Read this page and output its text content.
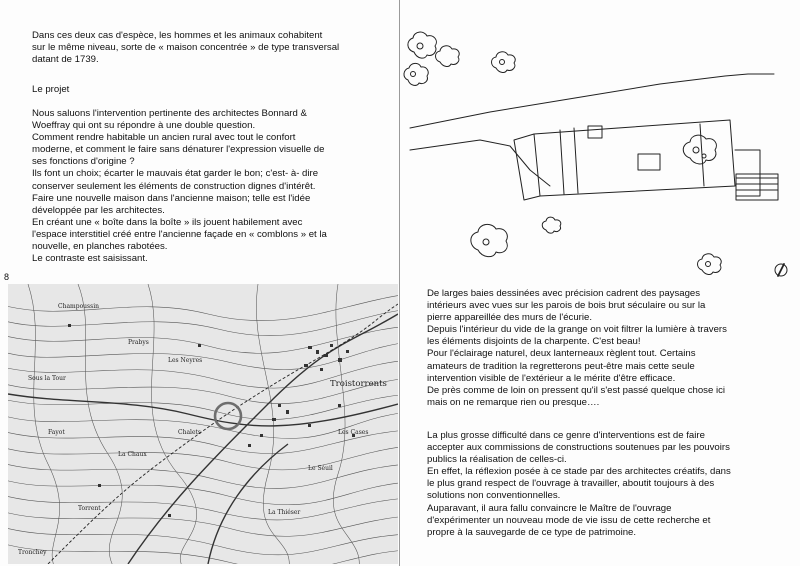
Dans ces deux cas d'espèce, les hommes et les animaux cohabitent

sur le même niveau, sorte de « maison concentrée » de type transversal

datant de 1739.

Le projet

Nous saluons l'intervention pertinente des architectes Bonnard &

Woeffray qui ont su répondre à une double question.

Comment rendre habitable un ancien rural avec tout le confort

moderne, et comment le faire sans dénaturer l'expression visuelle de

ses fonctions d'origine ?

Ils font un choix; écarter le mauvais état garder le bon; c'est- à- dire

conserver seulement les éléments de construction dignes d'intérêt.

Faire une nouvelle maison dans l'ancienne maison; telle est l'idée

développée par les architectes.

En créant une « boîte dans la boîte » ils jouent habilement avec

l'espace interstitiel créé entre l'ancienne façade en « comblons » et la

nouvelle, en planches rabotées.

Le contraste est saisissant.

8
Champoussin
Troistorrents
Tronchey
La Chaux
Les Neyres
Sous la Tour
Prabys
Les Cases
Le Séuil
Fayot
La Thiéser
Chalets
Torrent

De larges baies dessinées avec précision cadrent des paysages

intérieurs avec vues sur les parois de bois brut séculaire ou sur la

pierre appareillée des murs de l'écurie.

Depuis l'intérieur du vide de la grange on voit filtrer la lumière à travers

les éléments disjoints de la charpente. C'est beau!

Pour l'éclairage naturel, deux lanterneaux règlent tout. Certains

amateurs de tradition la regretterons peut-être mais cette seule

intervention visible de l'extérieur a le mérite d'être efficace.

De près comme de loin on pressent qu'il s'est passé quelque chose ici

mais on ne remarque rien ou presque….

La plus grosse difficulté dans ce genre d'interventions est de faire

accepter aux commissions de constructions soutenues par les pouvoirs

publics la réalisation de celles-ci.

En effet, la réflexion posée à ce stade par des architectes créatifs, dans

le plus grand respect de l'ouvrage à travailler, aboutit toujours à des

solutions non conventionnelles.

Auparavant, il aura fallu convaincre le Maître de l'ouvrage

d'expérimenter un nouveau mode de vie issu de cette recherche et

propre à la sauvegarde de ce type de patrimoine.
